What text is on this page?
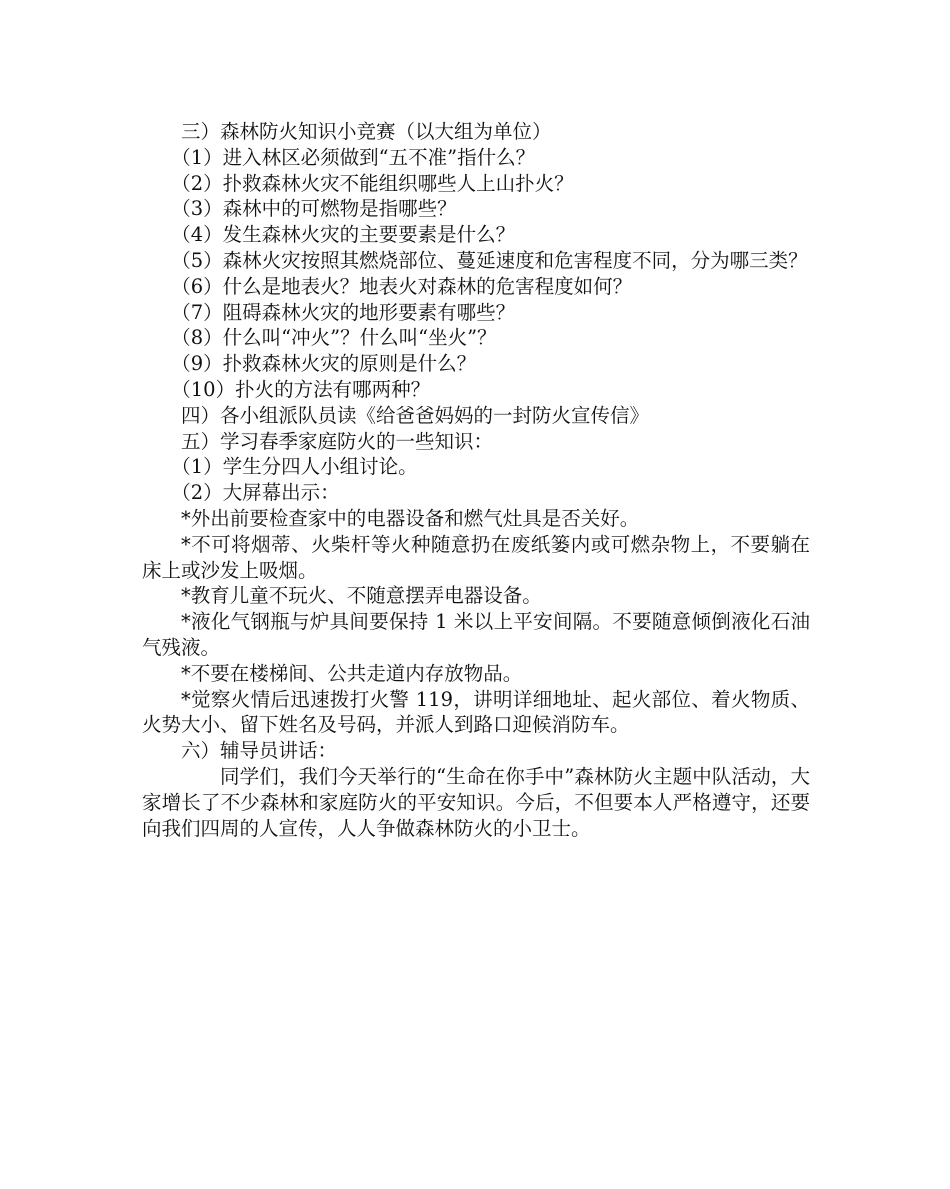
三）森林防火知识小竞赛（以大组为单位）

（1）进入林区必须做到“五不准”指什么？

（2）扑救森林火灾不能组织哪些人上山扑火？

（3）森林中的可燃物是指哪些？

（4）发生森林火灾的主要要素是什么？

（5）森林火灾按照其燃烧部位、蔓延速度和危害程度不同，分为哪三类？

（6）什么是地表火？地表火对森林的危害程度如何？

（7）阻碍森林火灾的地形要素有哪些？

（8）什么叫“冲火”？什么叫“坐火”？

（9）扑救森林火灾的原则是什么？

（10）扑火的方法有哪两种？

四）各小组派队员读《给爸爸妈妈的一封防火宣传信》

五）学习春季家庭防火的一些知识：

（1）学生分四人小组讨论。

（2）大屏幕出示：

*外出前要检查家中的电器设备和燃气灶具是否关好。

*不可将烟蒂、火柴杆等火种随意扔在废纸篓内或可燃杂物上，不要躺在床上或沙发上吸烟。

*教育儿童不玩火、不随意摆弄电器设备。

*液化气钢瓶与炉具间要保持 1 米以上平安间隔。不要随意倾倒液化石油气残液。

*不要在楼梯间、公共走道内存放物品。

*觉察火情后迅速拨打火警 119，讲明详细地址、起火部位、着火物质、火势大小、留下姓名及号码，并派人到路口迎候消防车。

六）辅导员讲话：

同学们，我们今天举行的“生命在你手中”森林防火主题中队活动，大家增长了不少森林和家庭防火的平安知识。今后，不但要本人严格遵守，还要向我们四周的人宣传，人人争做森林防火的小卫士。
